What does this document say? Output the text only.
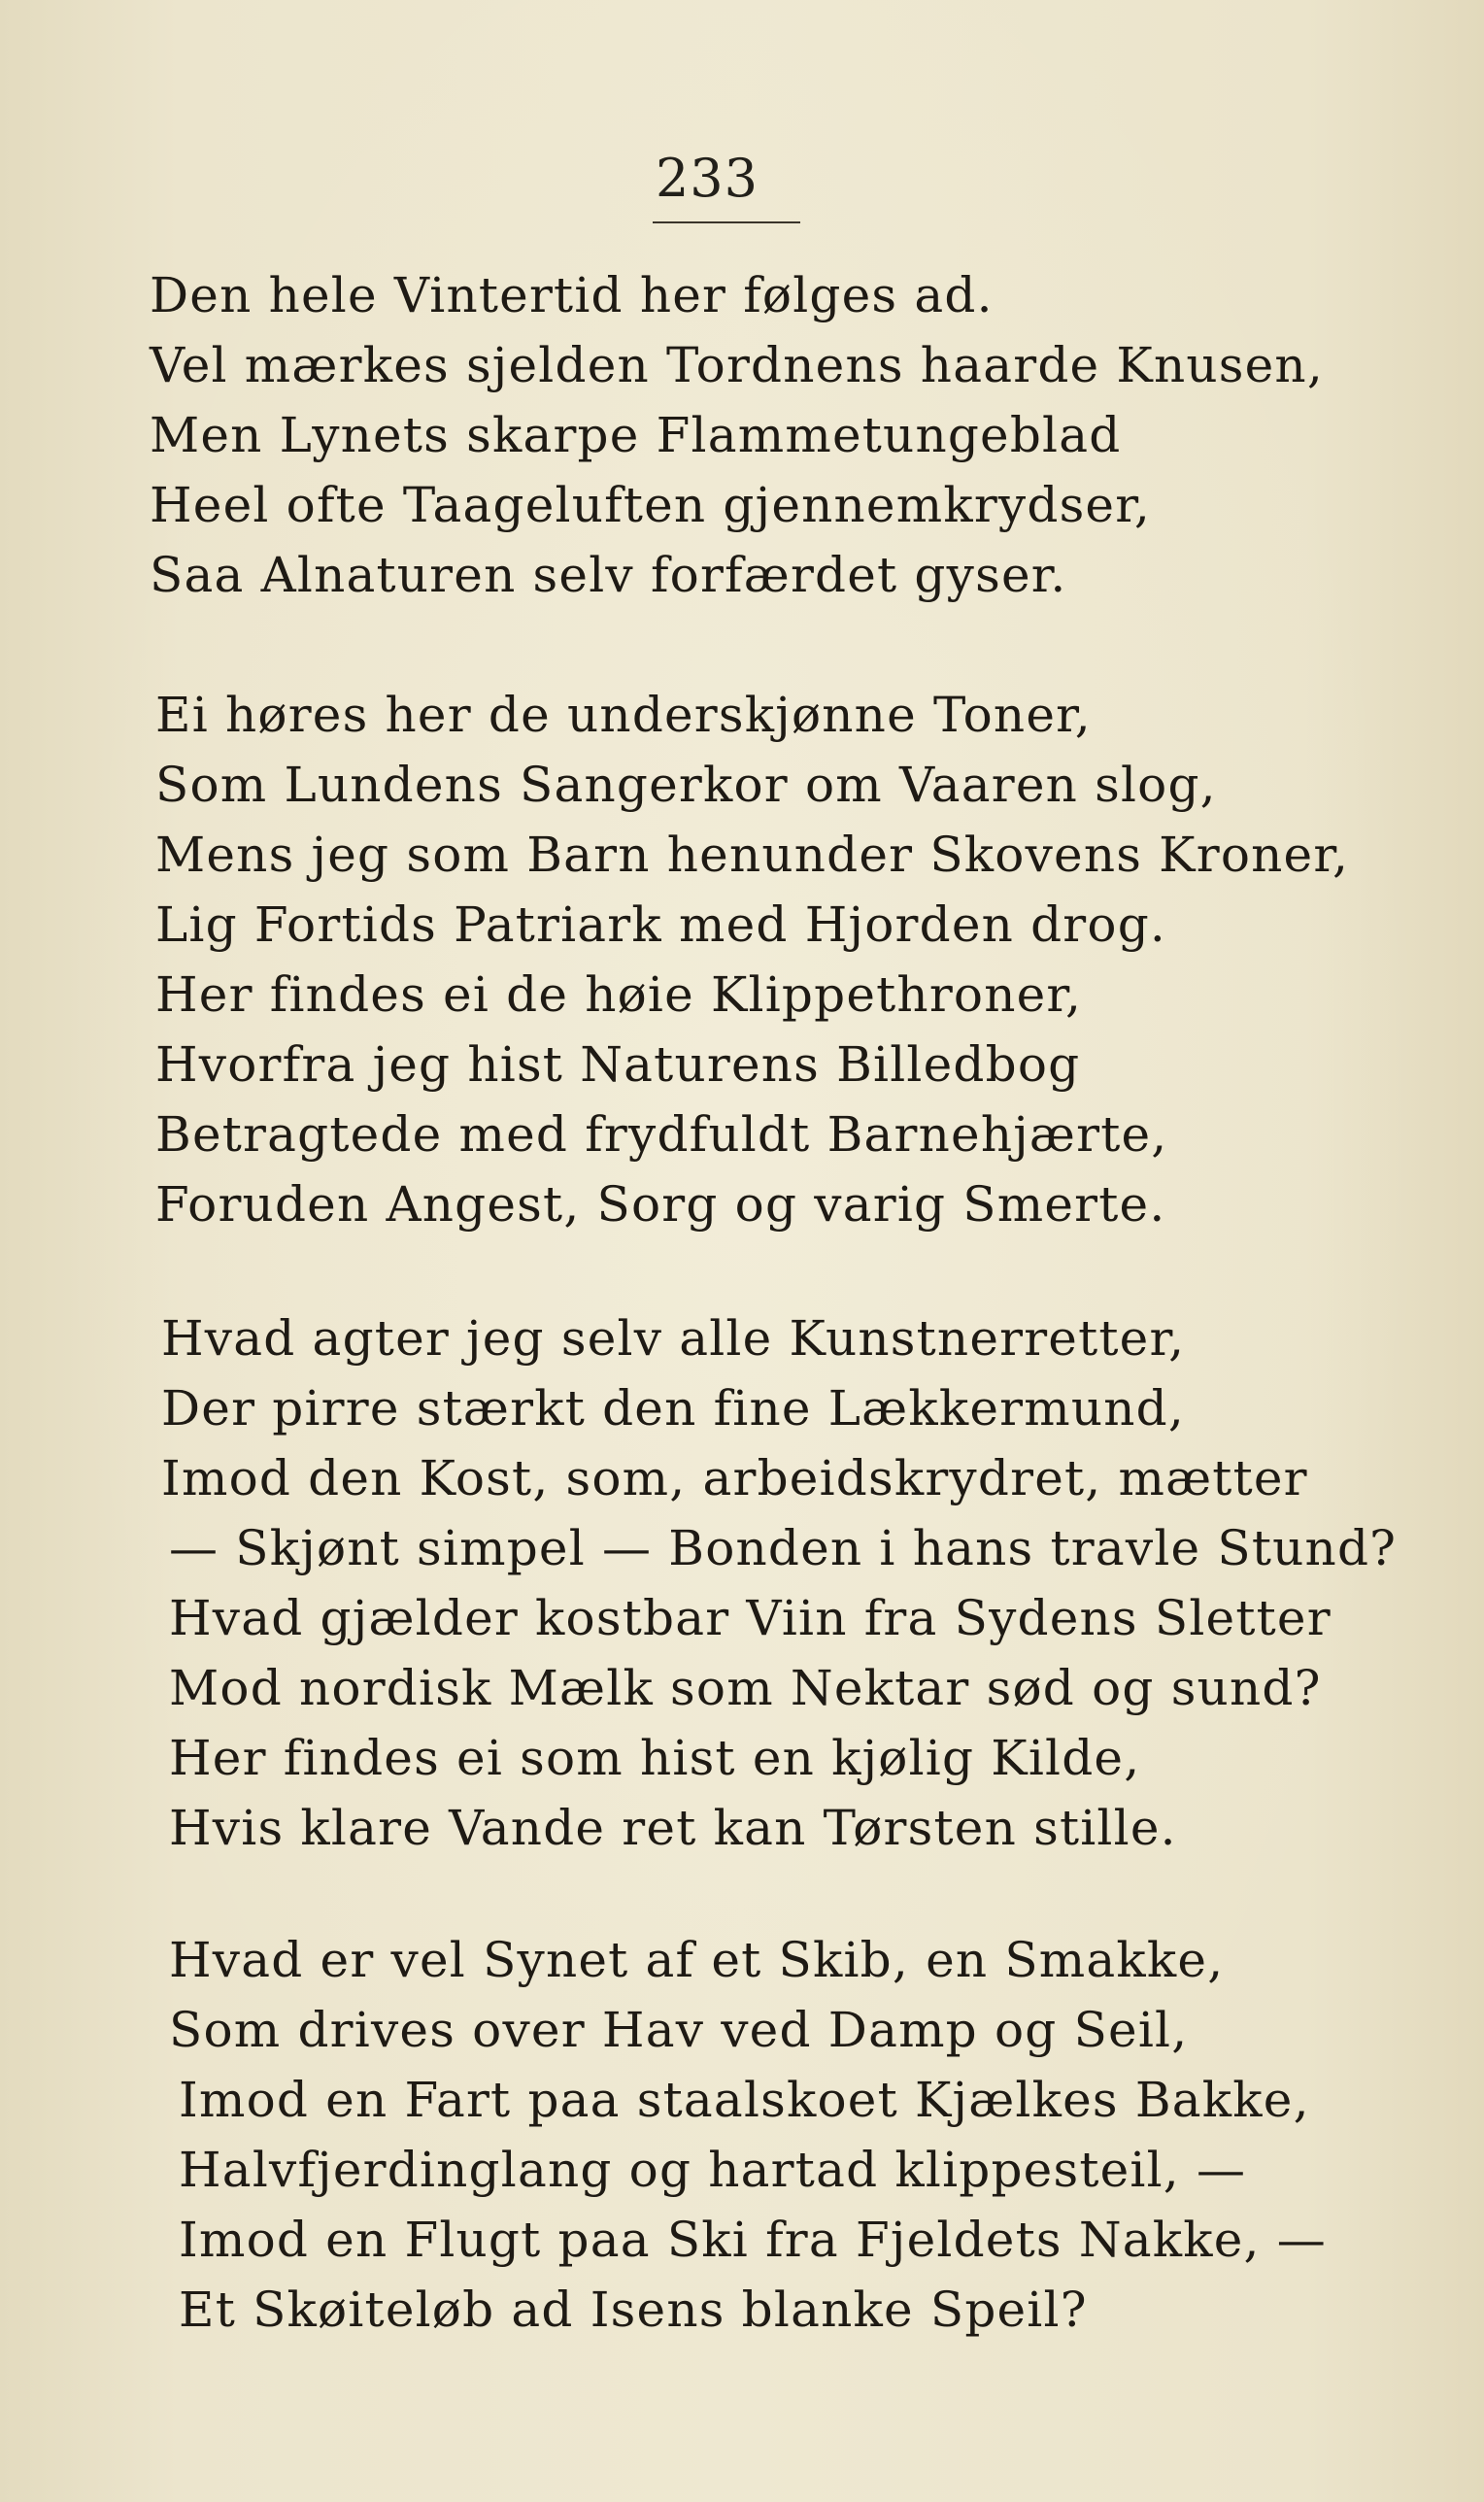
233
Den hele Vintertid her følges ad.
Vel mærkes sjelden Tordnens haarde Knusen,
Men Lynets skarpe Flammetungeblad
Heel ofte Taageluften gjennemkrydser,
Saa Alnaturen selv forfærdet gyser.
Ei høres her de underskjønne Toner,
Som Lundens Sangerkor om Vaaren slog,
Mens jeg som Barn henunder Skovens Kroner,
Lig Fortids Patriark med Hjorden drog.
Her findes ei de høie Klippethroner,
Hvorfra jeg hist Naturens Billedbog
Betragtede med frydfuldt Barnehjærte,
Foruden Angest, Sorg og varig Smerte.
Hvad agter jeg selv alle Kunstnerretter,
Der pirre stærkt den fine Lækkermund,
Imod den Kost, som, arbeidskrydret, mætter
— Skjønt simpel — Bonden i hans travle Stund?
Hvad gjælder kostbar Viin fra Sydens Sletter
Mod nordisk Mælk som Nektar sød og sund?
Her findes ei som hist en kjølig Kilde,
Hvis klare Vande ret kan Tørsten stille.
Hvad er vel Synet af et Skib, en Smakke,
Som drives over Hav ved Damp og Seil,
Imod en Fart paa staalskoet Kjælkes Bakke,
Halvfjerdinglang og hartad klippesteil, —
Imod en Flugt paa Ski fra Fjeldets Nakke, —
Et Skøiteløb ad Isens blanke Speil?
